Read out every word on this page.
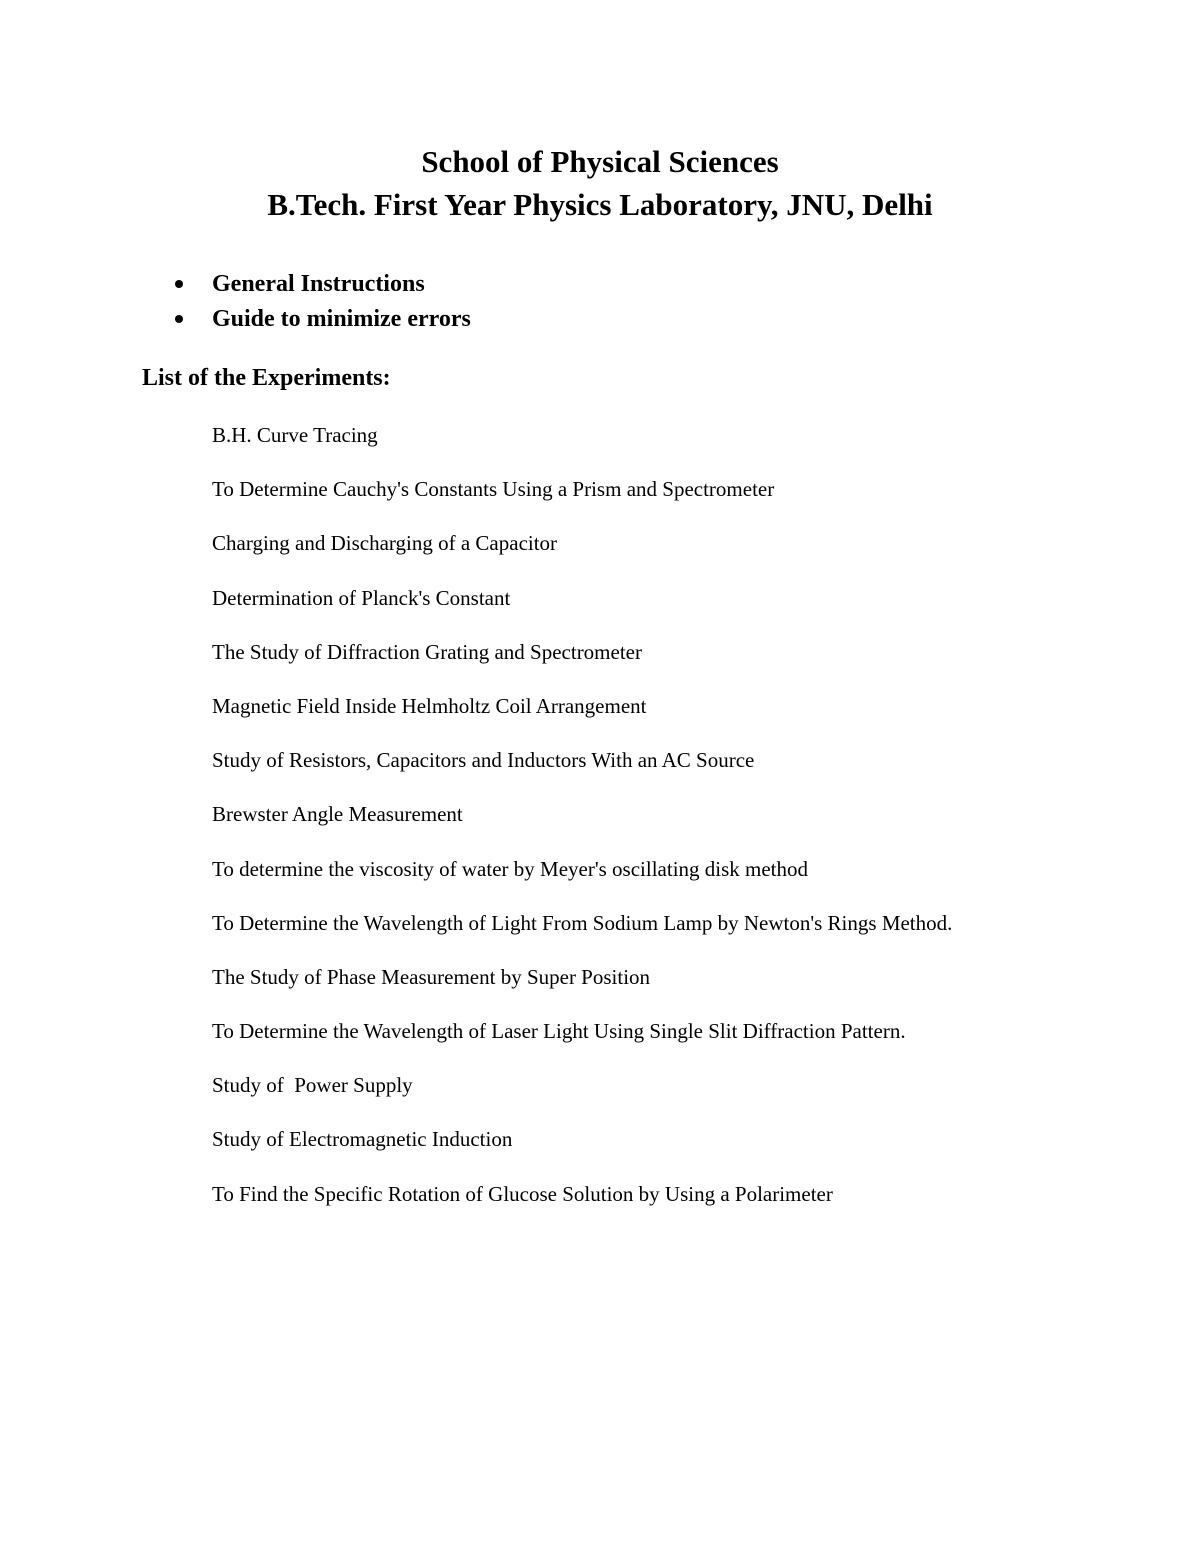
School of Physical Sciences
B.Tech. First Year Physics Laboratory, JNU, Delhi
General Instructions
Guide to minimize errors
List of the Experiments:
B.H. Curve Tracing
To Determine Cauchy's Constants Using a Prism and Spectrometer
Charging and Discharging of a Capacitor
Determination of Planck's Constant
The Study of Diffraction Grating and Spectrometer
Magnetic Field Inside Helmholtz Coil Arrangement
Study of Resistors, Capacitors and Inductors With an AC Source
Brewster Angle Measurement
To determine the viscosity of water by Meyer's oscillating disk method
To Determine the Wavelength of Light From Sodium Lamp by Newton's Rings Method.
The Study of Phase Measurement by Super Position
To Determine the Wavelength of Laser Light Using Single Slit Diffraction Pattern.
Study of  Power Supply
Study of Electromagnetic Induction
To Find the Specific Rotation of Glucose Solution by Using a Polarimeter
